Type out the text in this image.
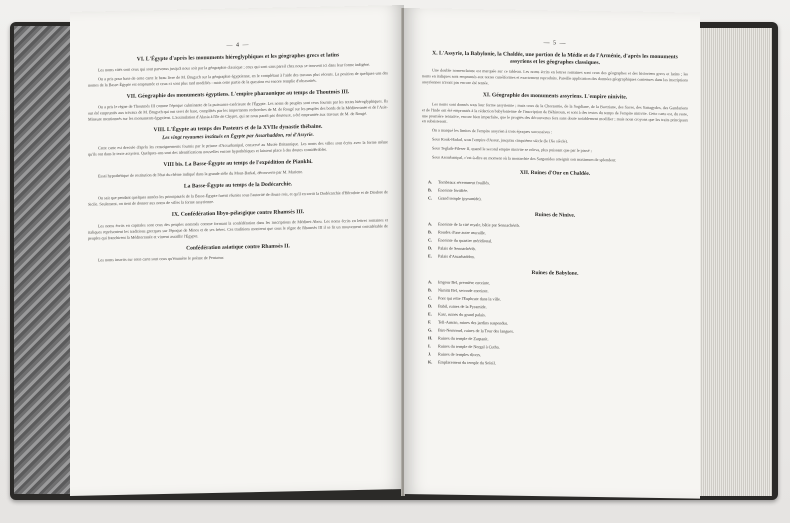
— 4 —
VI. L'Égypte d'après les monuments hiéroglyphiques et les géographes grecs et latins

Les noms cités sont ceux qui sont parvenus jusqu'à nous soit par la géographie classique ; ceux qui sont sans pareil chez nous se trouvent ici dans leur forme indigène.

On a pris pour base de cette carte le beau livre de M. Brugsch sur la géographie égyptienne, en le complétant à l'aide des travaux plus récents. La position de quelques-uns des nomes de la Basse-Égypte est empruntée et ceux-ci sont plus tard modifiés : mais cette partie de la question est encore remplie d'obscurités.

VII. Géographie des monuments égyptiens. L'empire pharaonique au temps de Thoutmès III.

On a pris le règne de Thoutmès III comme l'époque culminante de la puissance extérieure de l'Égypte. Les noms de peuples sont ceux fournis par les textes hiéroglyphiques. Ils ont été empruntés aux travaux de M. Brugsch qui ont servi de base, complétés par les importantes recherches de M. de Rougé sur les peuples des bords de la Méditerranée et de l'Asie-Mineure mentionnés sur les monuments égyptiens. L'assimilation d'Alasia à l'île de Chypre, qui ne nous paraît pas douteuse, a été empruntée aux travaux de M. de Rougé.

VIII. L'Égypte au temps des Pasteurs et de la XVIIe dynastie thébaine.
Les vingt royaumes institués en Égypte par Assarhaddon, roi d'Assyrie.

Cette carte est dressée d'après les renseignements fournis par le prisme d'Assurbanipal, conservé au Musée Britannique. Les noms des villes sont écrits avec la forme même qu'ils ont dans le texte assyrien. Quelques-uns sont des identifications nouvelles encore hypothétiques et laissent place à des doutes considérables.

VIII bis. La Basse-Égypte au temps de l'expédition de Piankhi.

Essai hypothétique de restitution de l'état du rhème indiqué dans la grande stèle du Mont-Barkal, découverte par M. Mariette.

La Basse-Égypte au temps de la Dodécarchie.

On sait que pendant quelques années les principautés de la Basse-Égypte furent réunies sous l'autorité de douze rois, et qu'il en sortit la Dodécarchie d'Hérodote et de Diodore de Sicile. Seulement, on tient de donner aux noms de villes la forme assyrienne.

IX. Confédération libyo-pélasgique contre Rhamsès III.

Les noms écrits en capitales sont ceux des peuples nommés comme formant la confédération dans les inscriptions de Médinet-Abou. Les noms écrits en lettres romaines et italiques représentent les traditions grecques sur l'époque de Minos et de ses frères. Ces traditions montrent que sous le règne de Rhamsès III il se fit un mouvement considérable de peuples qui franchirent la Méditerranée et vinrent assaillir l'Égypte.

Confédération asiatique contre Rhamsès II.

Les noms inscrits sur cette carte sont ceux qu'énumère le poème de Pentaour.

— 5 —
X. L'Assyrie, la Babylonie, la Chaldée, une portion de la Médie et de l'Arménie, d'après les monuments assyriens et les géographes classiques.

Une double nomenclature est marquée sur ce tableau. Les noms écrits en lettres romaines sont ceux des géographes et des historiens grecs et latins ; les noms en italiques sont empruntés aux textes cunéiformes et exactement reproduits. Pareille application des données géographiques contenues dans les inscriptions assyriennes n'avait pas encore été tentée.

XI. Géographie des monuments assyriens. L'empire ninivite.

Les noms sont donnés sous leur forme assyrienne ; mais ceux de la Chorasmie, de la Sogdiane, de la Bactriane, des Saces, des Sattagydes, des Gandariens et de l'Inde ont été empruntés à la rédaction babylonienne de l'inscription de Béhistoun, et sont à des textes du temps de l'empire ninivite. Cette carte est, du reste, une première tentative, encore bien imparfaite, que le progrès des découvertes fera sans doute notablement modifier ; mais nous croyons que les traits principaux en subsisteront.

On a marqué les limites de l'empire assyrien à trois époques successives :

Sous Rouk-Hadad, sous l'empire d'Assur, jusqu'au cinquième siècle (le IXe siècle).

Sous Teglath-Pileser II, quand le second empire ninivite se releva, plus puissant que par le passé ;

Sous Assurbanipal, c'est-à-dire au moment où la monarchie des Sargonides atteignit son maximum de splendeur.

XII. Ruines d'Our en Chaldée.
A. Tombeaux récemment fouillés.
B. Enceinte fortifiée.
C. Grand temple (pyramide).
Ruines de Ninive.
A. Enceinte de la cité royale, bâtie par Sennachérib.
B. Rondes d'une autre muraille.
C. Enceinte du quartier méridional.
D. Palais de Sennachérib.
E. Palais d'Assarhaddon.
Ruines de Babylone.
A. Imgour Bel, première enceinte.
B. Nimitti Bel, seconde enceinte.
C. Pont qui relie l'Euphrate dans la ville.
D. Babil, ruines de la Pyramide.
E. Kasr, ruines du grand palais.
F. Tell-Amran, ruines des jardins suspendus.
G. Birs-Nemroud, ruines de la Tour des langues.
H. Ruines du temple de Zarpanit.
I. Ruines du temple de Nergal à Cutha.
J. Ruines de temples divers.
K. Emplacement du temple du Soleil.
